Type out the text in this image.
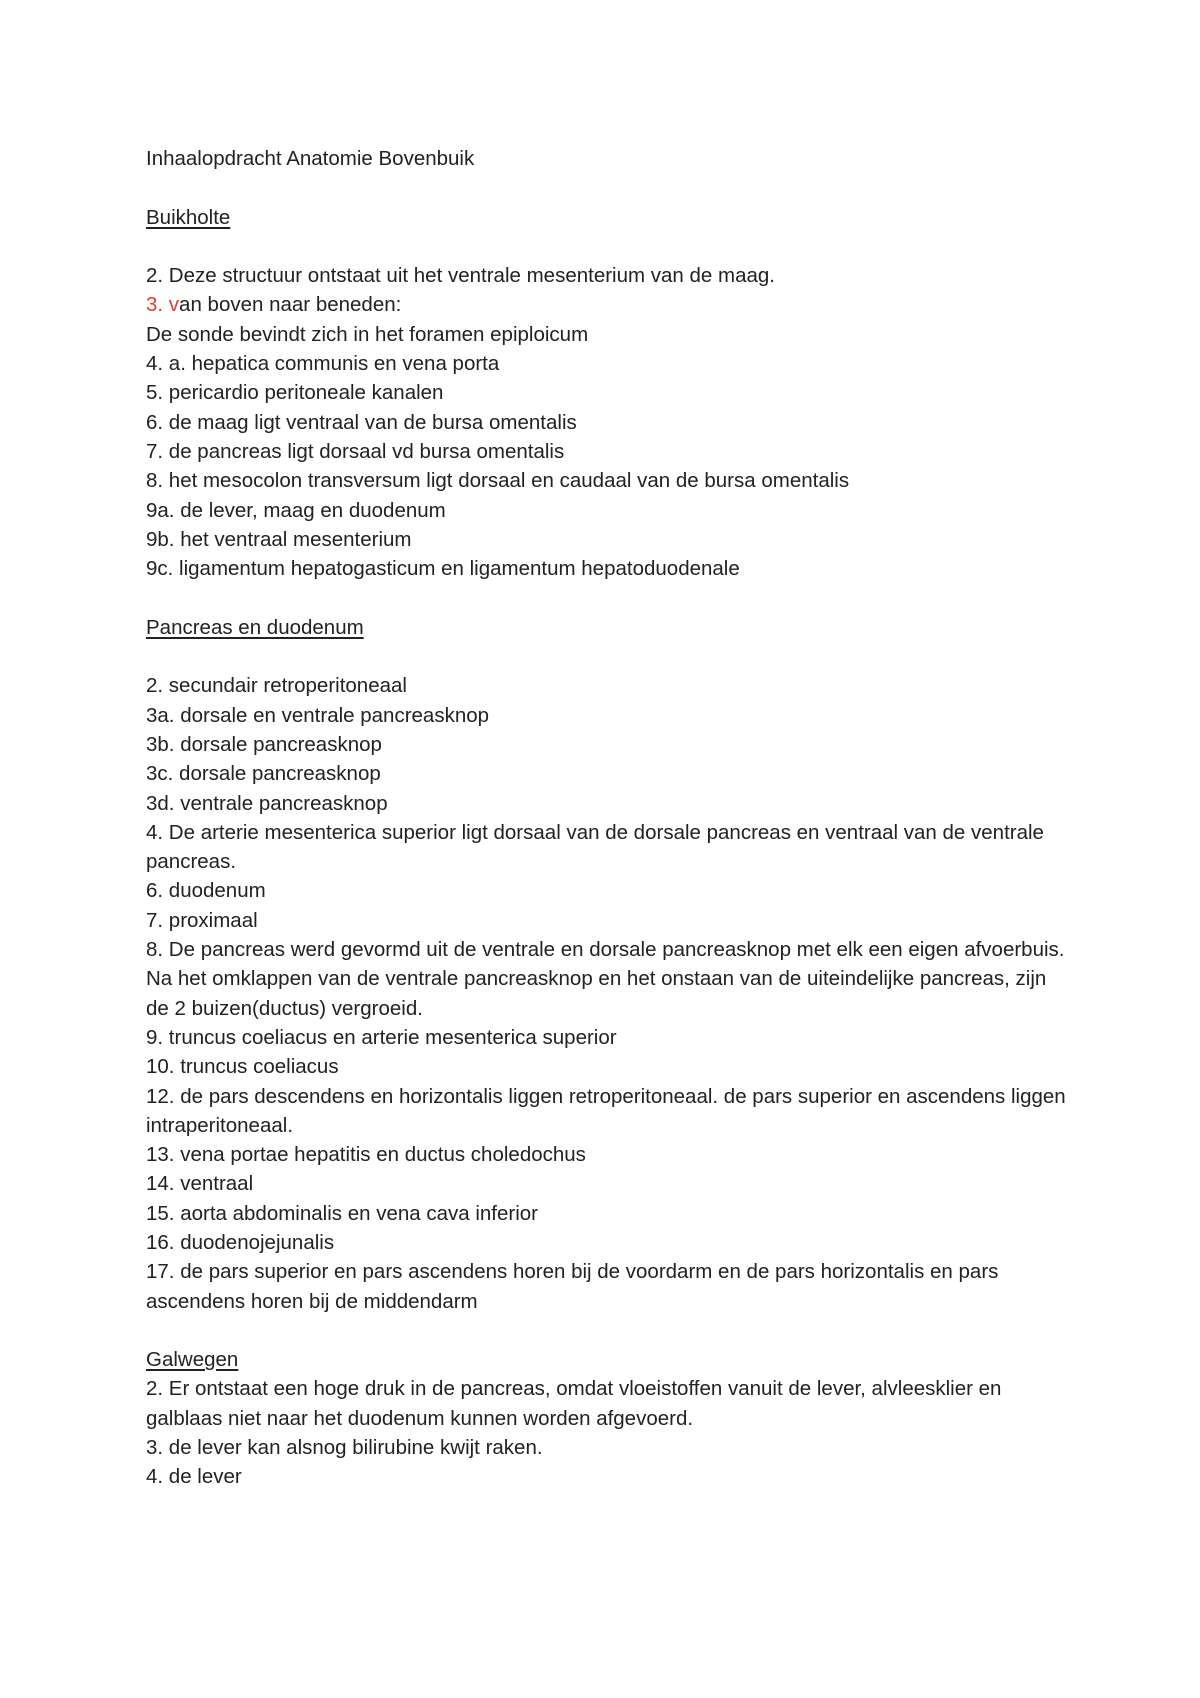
Inhaalopdracht Anatomie Bovenbuik

Buikholte

2. Deze structuur ontstaat uit het ventrale mesenterium van de maag.

3. van boven naar beneden:

De sonde bevindt zich in het foramen epiploicum

4. a. hepatica communis en vena porta

5. pericardio peritoneale kanalen

6. de maag ligt ventraal van de bursa omentalis

7. de pancreas ligt dorsaal vd bursa omentalis

8. het mesocolon transversum ligt dorsaal en caudaal van de bursa omentalis

9a. de lever, maag en duodenum

9b. het ventraal mesenterium

9c. ligamentum hepatogasticum en ligamentum hepatoduodenale

Pancreas en duodenum

2. secundair retroperitoneaal

3a. dorsale en ventrale pancreasknop

3b. dorsale pancreasknop

3c. dorsale pancreasknop

3d. ventrale pancreasknop

4. De arterie mesenterica superior ligt dorsaal van de dorsale pancreas en ventraal van de ventrale pancreas.

6. duodenum

7. proximaal

8. De pancreas werd gevormd uit de ventrale en dorsale pancreasknop met elk een eigen afvoerbuis. Na het omklappen van de ventrale pancreasknop en het onstaan van de uiteindelijke pancreas, zijn de 2 buizen(ductus) vergroeid.

9. truncus coeliacus en arterie mesenterica superior

10. truncus coeliacus

12. de pars descendens en horizontalis liggen retroperitoneaal. de pars superior en ascendens liggen intraperitoneaal.

13. vena portae hepatitis en ductus choledochus

14. ventraal

15. aorta abdominalis en vena cava inferior

16. duodenojejunalis

17. de pars superior en pars ascendens horen bij de voordarm en de pars horizontalis en pars ascendens horen bij de middendarm

Galwegen

2. Er ontstaat een hoge druk in de pancreas, omdat vloeistoffen vanuit de lever, alvleesklier en galblaas niet naar het duodenum kunnen worden afgevoerd.

3. de lever kan alsnog bilirubine kwijt raken.

4. de lever
